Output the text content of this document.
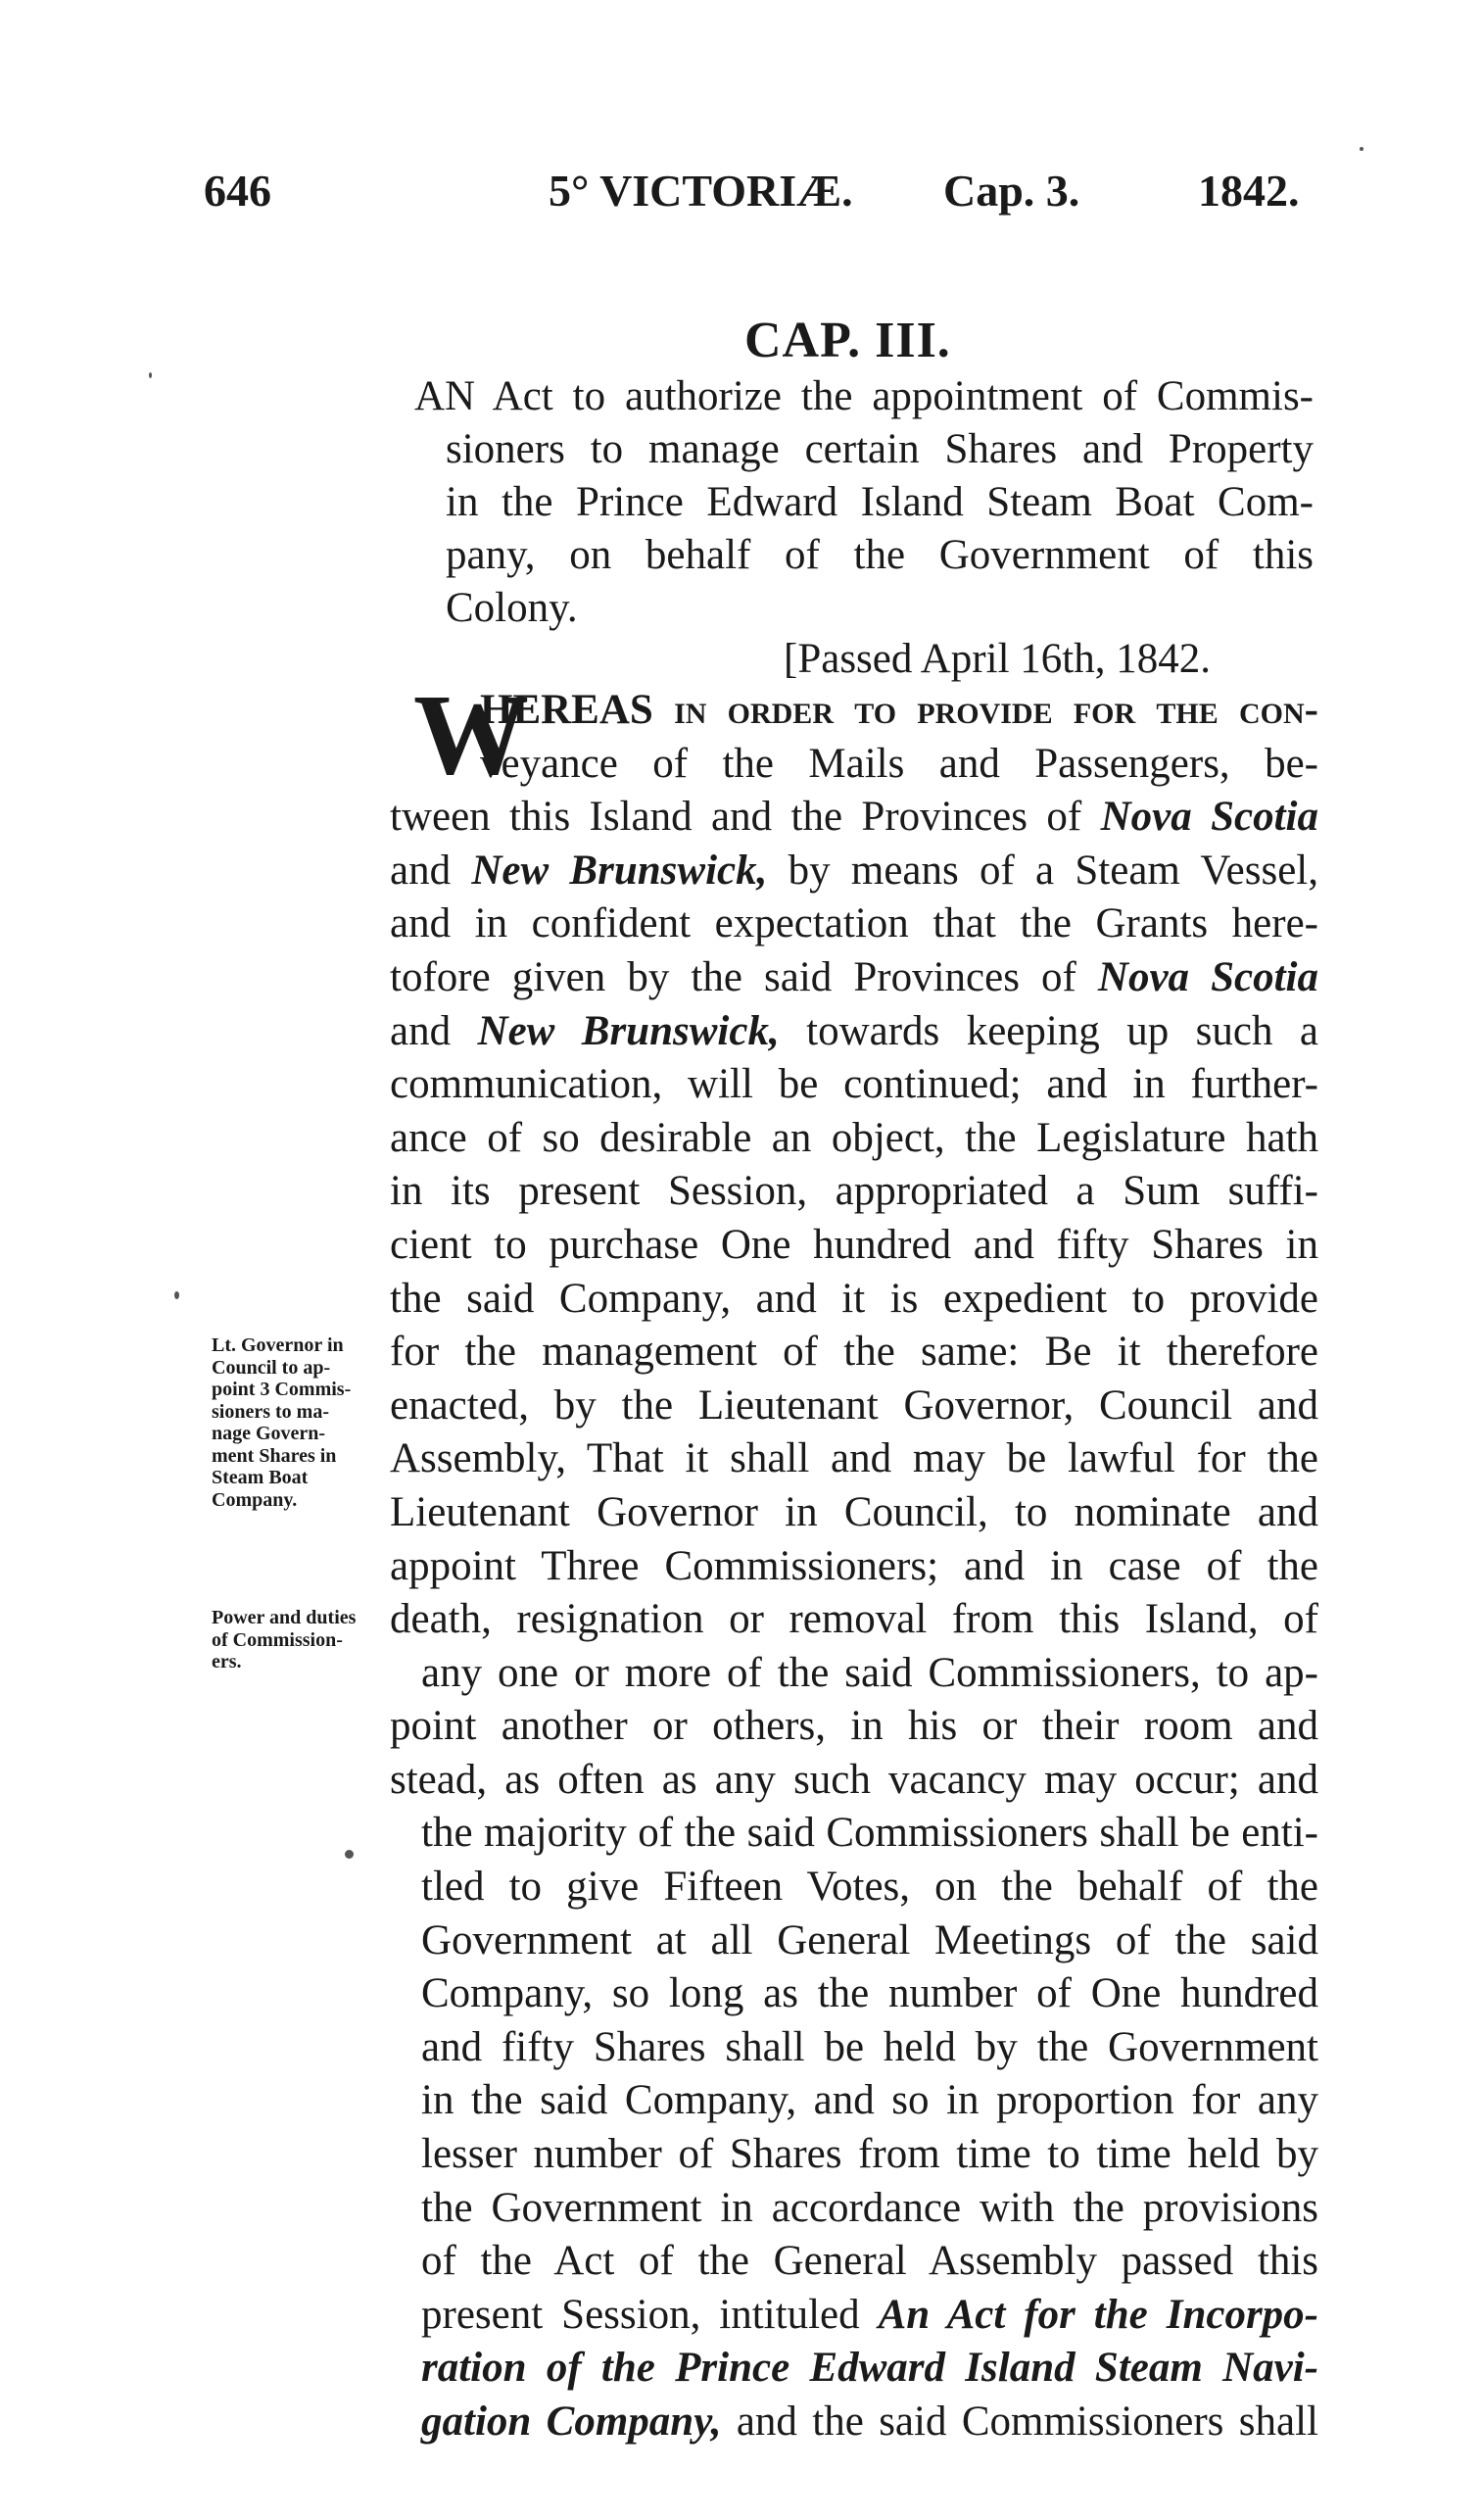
646	5° VICTORIÆ. Cap. 3.	1842.
CAP. III.
AN Act to authorize the appointment of Commis-
sioners to manage certain Shares and Property
in the Prince Edward Island Steam Boat Com-
pany, on behalf of the Government of this
Colony.
[Passed April 16th, 1842.
W
HEREAS in order to provide for the con-
veyance of the Mails and Passengers, be-
tween this Island and the Provinces of Nova Scotia
and New Brunswick, by means of a Steam Vessel,
and in confident expectation that the Grants here-
tofore given by the said Provinces of Nova Scotia
and New Brunswick, towards keeping up such a
communication, will be continued; and in further-
ance of so desirable an object, the Legislature hath
in its present Session, appropriated a Sum suffi-
cient to purchase One hundred and fifty Shares in
the said Company, and it is expedient to provide
for the management of the same: Be it therefore
enacted, by the Lieutenant Governor, Council and
Assembly, That it shall and may be lawful for the
Lieutenant Governor in Council, to nominate and
appoint Three Commissioners; and in case of the
death, resignation or removal from this Island, of
any one or more of the said Commissioners, to ap-
point another or others, in his or their room and
stead, as often as any such vacancy may occur; and
the majority of the said Commissioners shall be enti-
tled to give Fifteen Votes, on the behalf of the
Government at all General Meetings of the said
Company, so long as the number of One hundred
and fifty Shares shall be held by the Government
in the said Company, and so in proportion for any
lesser number of Shares from time to time held by
the Government in accordance with the provisions
of the Act of the General Assembly passed this
present Session, intituled An Act for the Incorpo-
ration of the Prince Edward Island Steam Navi-
gation Company, and the said Commissioners shall
Lt. Governor in
Council to ap-
point 3 Commis-
sioners to ma-
nage Govern-
ment Shares in
Steam Boat
Company.
Power and duties
of Commission-
ers.
